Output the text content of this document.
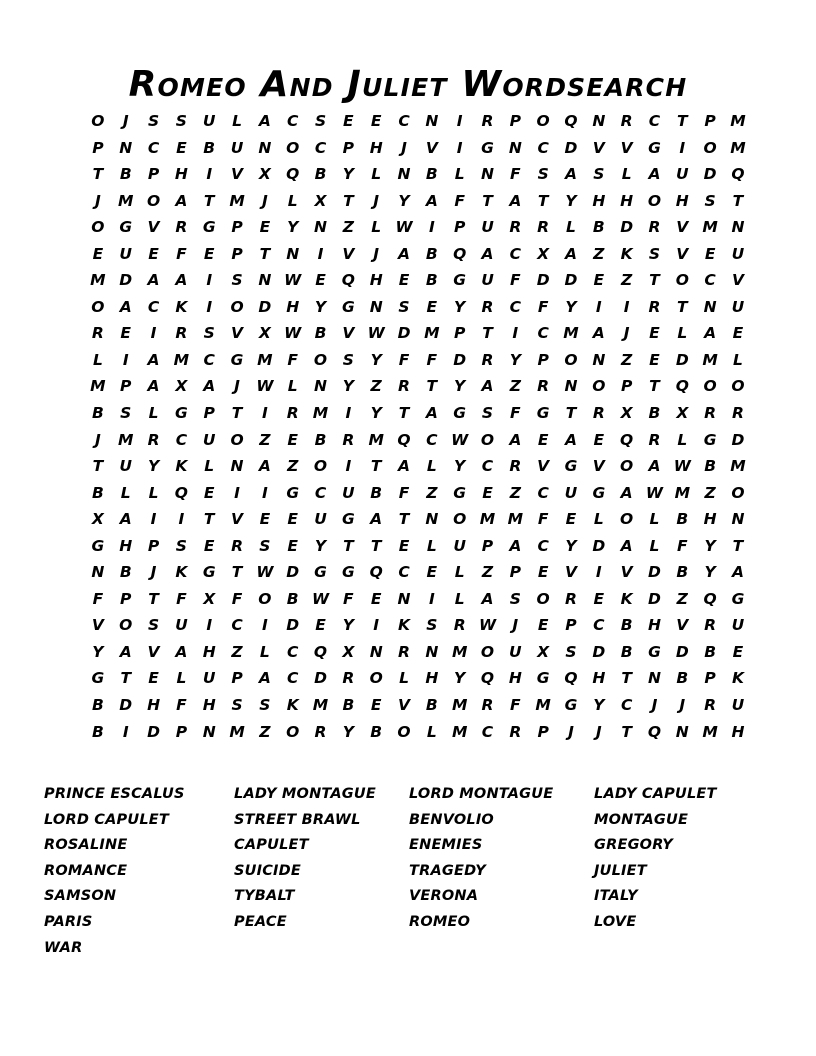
Romeo And Juliet Wordsearch
O	J	S	S	U	L	A	C	S	E	E	C	N	I	R	P	O Q N R	C	T	P M
P	N	C	E	B	U N O	C	P	H	J	V	I	G N	C	D V	V G	I	O M
T	B	P	H	I	V	X Q B	Y	L	N B	L	N	F	S	A	S	L	A	U D Q
J	M O A	T M	J	L	X	T	J	Y	A	F	T	A	T	Y	H H O H	S	T
O G V	R	G	P	E	Y	N	Z	L W	I	P	U	R	R	L	B D R	V M N
E	U	E	F	E	P	T	N	I	V	J	A	B Q A	C	X	A	Z	K	S	V	E	U
M D A	A	I	S	N W E	Q H	E	B	G U	F	D D	E	Z	T	O	C	V
O A	C	K	I	O D H	Y	G N	S	E	Y	R	C	F	Y	I	I	R	T	N U
R	E	I	R	S	V	X W B	V W D M P	T	I	C M A	J	E	L	A	E
L	I	A M C	G M F	O	S	Y	F	F	D R	Y	P	O N	Z	E	D M L
M P	A	X	A	J	W L	N	Y	Z	R	T	Y	A	Z	R N O	P	T	Q O O
B	S	L	G	P	T	I	R M	I	Y	T	A G	S	F	G	T	R	X	B	X	R	R
J	M R	C	U O	Z	E	B	R M Q	C W O A	E	A	E	Q R	L	G D
T	U	Y	K	L	N A	Z	O	I	T	A	L	Y	C	R	V G V O A W B M
B	L	L	Q	E	I	I	G	C	U	B	F	Z	G	E	Z	C	U G A W M Z	O
X	A	I	I	T	V	E	E	U G A	T	N O M M F	E	L	O	L	B H N
G H	P	S	E	R	S	E	Y	T	T	E	L	U	P	A	C	Y	D A	L	F	Y	T
N B	J	K G	T W D G G Q	C	E	L	Z	P	E	V	I	V D B	Y	A
F	P	T	F	X	F	O B W F	E	N	I	L	A	S	O R	E	K D	Z	Q G
V O	S	U	I	C	I	D	E	Y	I	K	S	R W	J	E	P	C	B H V	R	U
Y	A	V	A H	Z	L	C	Q X N R N M O U	X	S	D B	G D B	E
G	T	E	L	U	P	A	C	D R O	L	H	Y	Q H G Q H	T	N B	P	K
B D H	F	H	S	S	K M B	E	V	B M R	F M G	Y	C	J	J	R	U
B	I	D	P	N M Z	O R	Y	B O	L M C	R	P	J	J	T	Q N M H
PRINCE ESCALUS
LORD CAPULET
ROSALINE
ROMANCE
SAMSON
PARIS
WAR
LADY MONTAGUE
STREET BRAWL
CAPULET
SUICIDE
TYBALT
PEACE
LORD MONTAGUE
BENVOLIO
ENEMIES
TRAGEDY
VERONA
ROMEO
LADY CAPULET
MONTAGUE
GREGORY
JULIET
ITALY
LOVE
